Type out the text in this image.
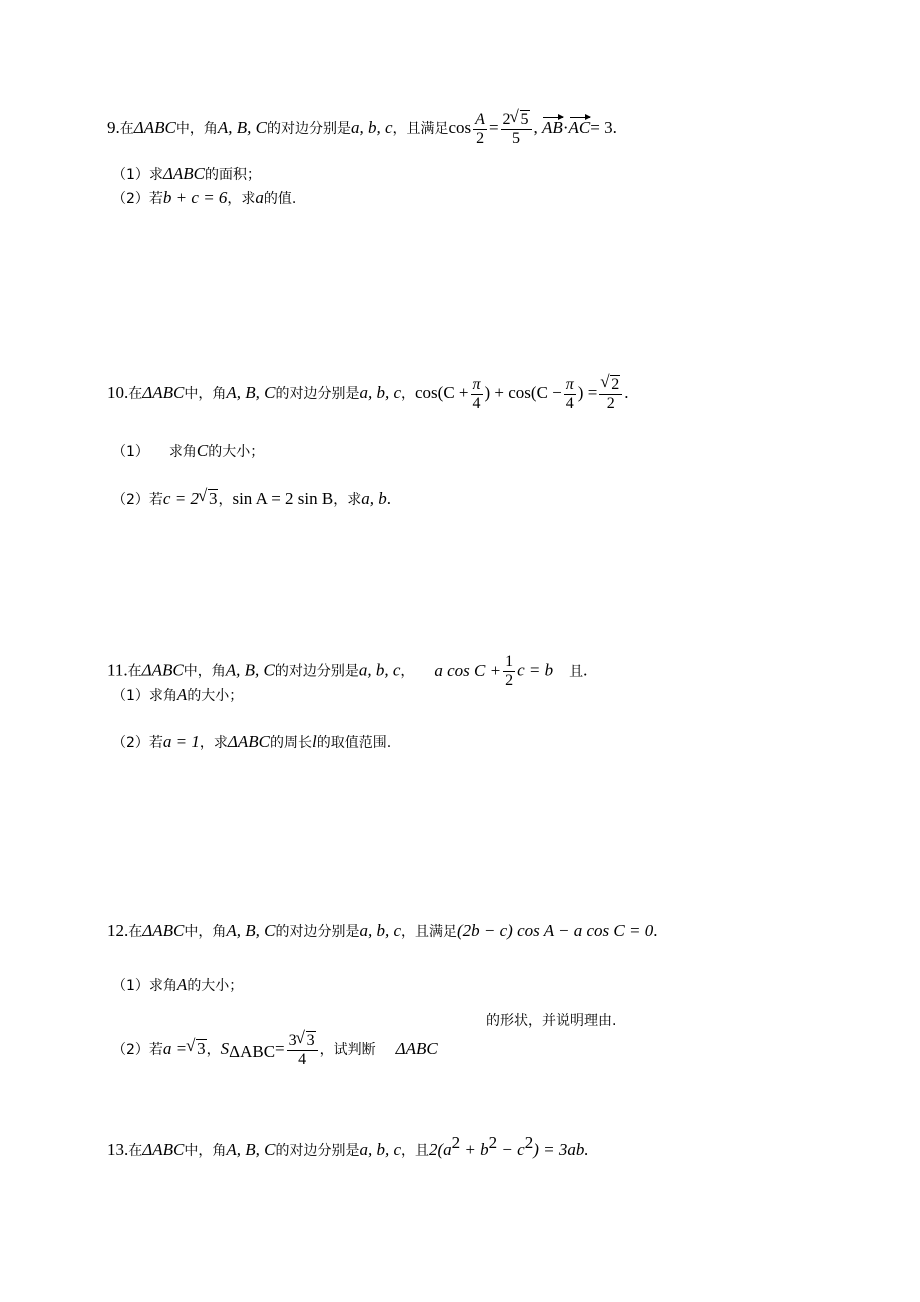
9.在ΔABC中，角A, B, C的对边分别是a, b, c，且满足$\cos \frac{A}{2} = \frac{2 √ 5}{5}$ , AB·AC= 3.
（1）求ΔABC的面积；
（2）若b + c = 6，求a的值.
10.在ΔABC中，角A, B, C的对边分别是a, b, c，$\cos(C + \frac{\pi}{4}$ ) + $\cos(C - \frac{\pi}{4}$ ) = √ $\frac{2}{2}$ .
（1） 求角C的大小；
（2）若c = 2 √ 3，sin A = 2 sin B，求a, b.
11.在ΔABC中，角A, B, C的对边分别是a, b, c， a $\cos C + \frac{1}{2}$ c = b 且.
（1）求角A的大小；
（2）若a = 1，求ΔABC的周长l的取值范围.
12.在ΔABC中，角A, B, C的对边分别是a, b, c，且满足(2b − c) cos A − a cos C = 0.
（1）求角A的大小；
的形状，并说明理由.
（2）若a = √ 3，$S_{\Delta ABC}= \frac{3 √ 3}{4}$ ，试判断 ΔABC
13.在ΔABC中，角A, B, C的对边分别是a, b, c，且$2(a^2 + b^2 - c^2) = 3ab$.
